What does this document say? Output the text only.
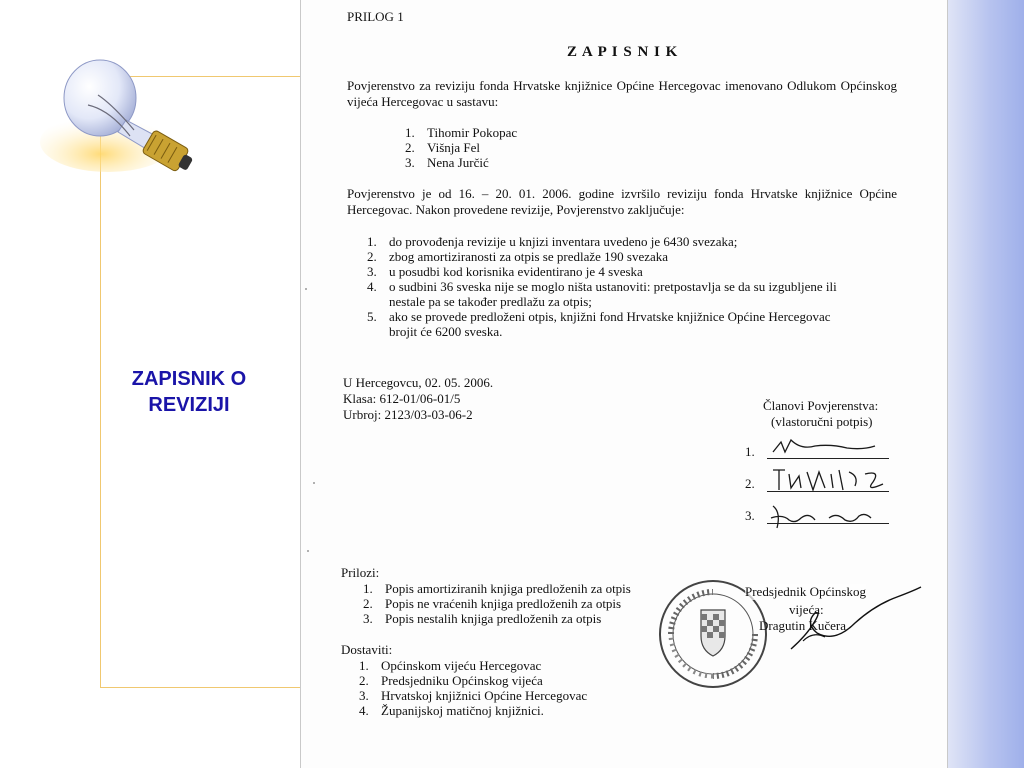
ZAPISNIK O REVIZIJI

PRILOG 1

Z A P I S N I K

Povjerenstvo za reviziju fonda Hrvatske knjižnice Općine Hercegovac imenovano Odlukom Općinskog vijeća Hercegovac u sastavu:

1. Tihomir Pokopac
2. Višnja Fel
3. Nena Jurčić

Povjerenstvo je od 16. – 20. 01. 2006. godine izvršilo reviziju fonda Hrvatske knjižnice Općine Hercegovac. Nakon provedene revizije, Povjerenstvo zaključuje:

1. do provođenja revizije u knjizi inventara uvedeno je 6430 svezaka;
2. zbog amortiziranosti za otpis se predlaže 190 svezaka
3. u posudbi kod korisnika evidentirano je 4 sveska
4. o sudbini 36 sveska nije se moglo ništa ustanoviti: pretpostavlja se da su izgubljene ili
nestale pa se također predlažu za otpis;
5. ako se provede predloženi otpis, knjižni fond Hrvatske knjižnice Općine Hercegovac
brojit će 6200 sveska.

U Hercegovcu, 02. 05. 2006.

Klasa: 612-01/06-01/5

Urbroj: 2123/03-03-06-2

Članovi Povjerenstva:

(vlastoručni potpis)

1.
2.
3.

Prilozi:

1. Popis amortiziranih knjiga predloženih za otpis
2. Popis ne vraćenih knjiga predloženih za otpis
3. Popis nestalih knjiga predloženih za otpis

Dostaviti:

1. Općinskom vijeću Hercegovac
2. Predsjedniku Općinskog vijeća
3. Hrvatskoj knjižnici Općine Hercegovac
4. Županijskoj matičnoj knjižnici.

Predsjednik Općinskog

vijeća:

Dragutin Kučera
